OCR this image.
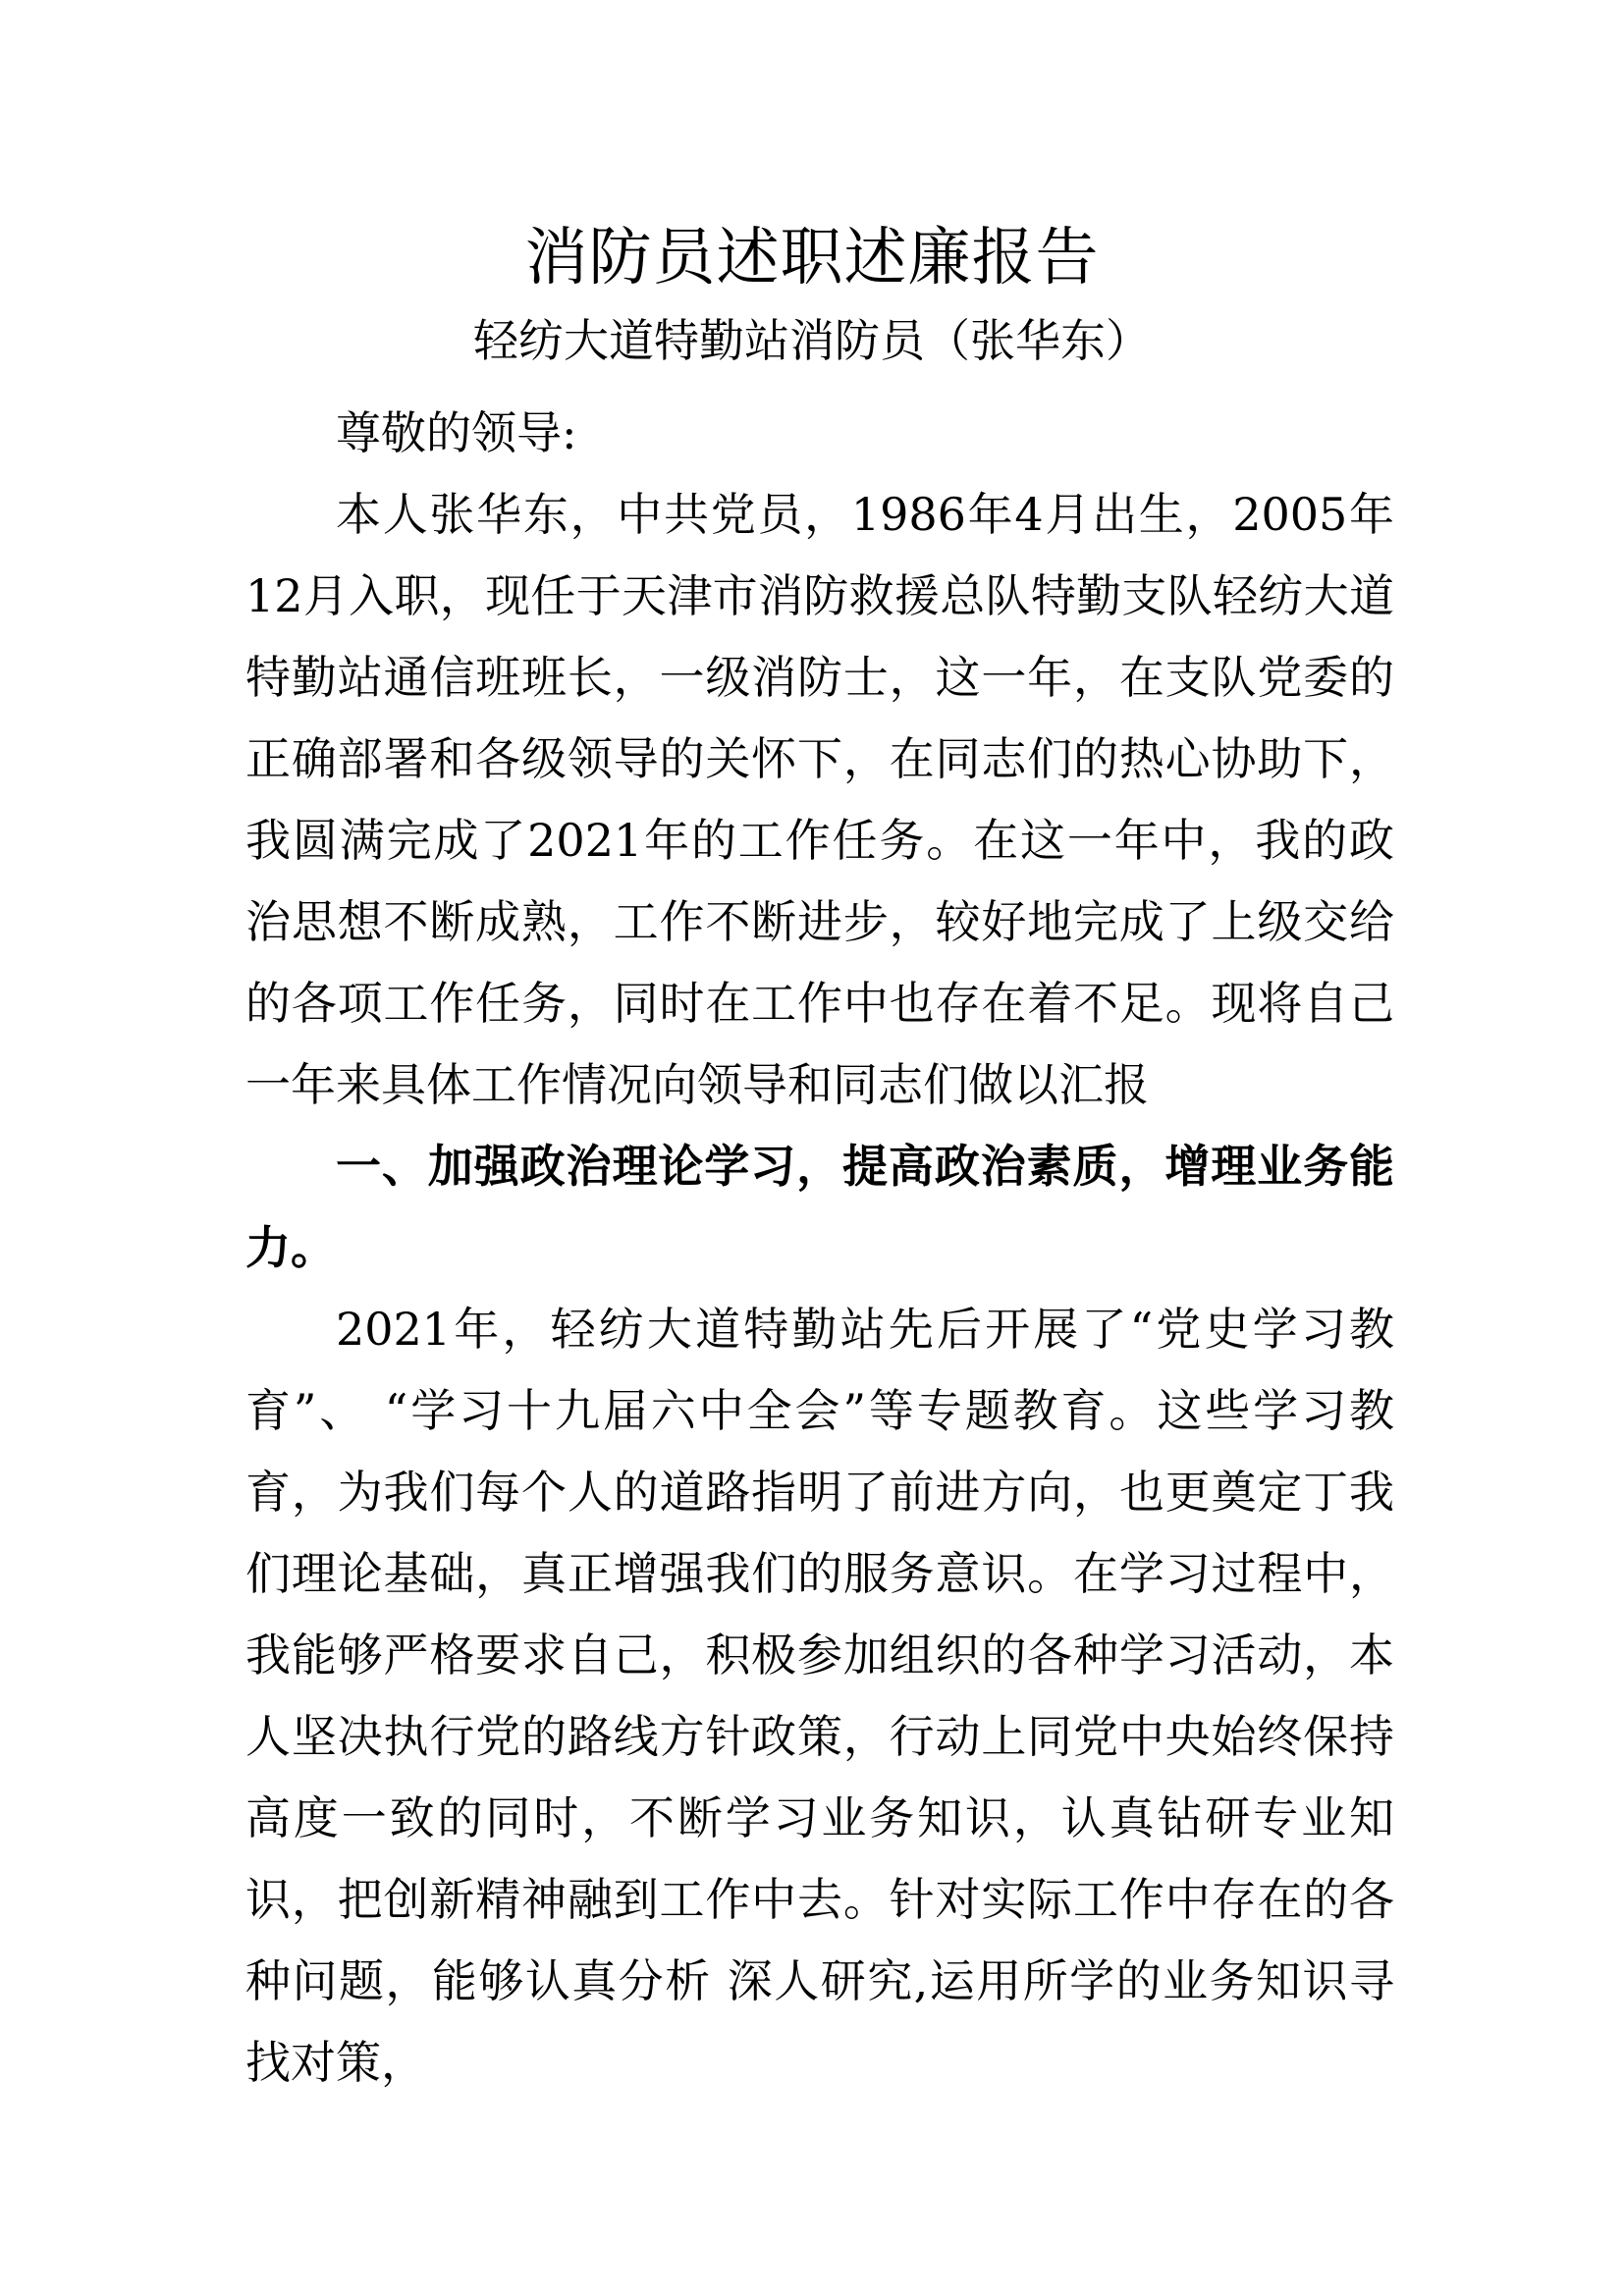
消防员述职述廉报告
轻纺大道特勤站消防员（张华东）

尊敬的领导:

本人张华东，中共党员，1986年4月出生，2005年12月入职，现任于天津市消防救援总队特勤支队轻纺大道特勤站通信班班长，一级消防士，这一年，在支队党委的正确部署和各级领导的关怀下，在同志们的热心协助下，我圆满完成了2021年的工作任务。在这一年中，我的政治思想不断成熟，工作不断进步，较好地完成了上级交给的各项工作任务，同时在工作中也存在着不足。现将自己一年来具体工作情况向领导和同志们做以汇报

一、加强政治理论学习，提高政治素质，增理业务能力。

2021年，轻纺大道特勤站先后开展了“党史学习教育”、 “学习十九届六中全会”等专题教育。这些学习教育，为我们每个人的道路指明了前进方向，也更奠定丁我们理论基础，真正增强我们的服务意识。在学习过程中，我能够严格要求自己，积极参加组织的各种学习活动，本人坚决执行党的路线方针政策，行动上同党中央始终保持高度一致的同时，不断学习业务知识，认真钻研专业知识，把创新精神融到工作中去。针对实际工作中存在的各种问题，能够认真分析 深人研究,运用所学的业务知识寻找对策，
